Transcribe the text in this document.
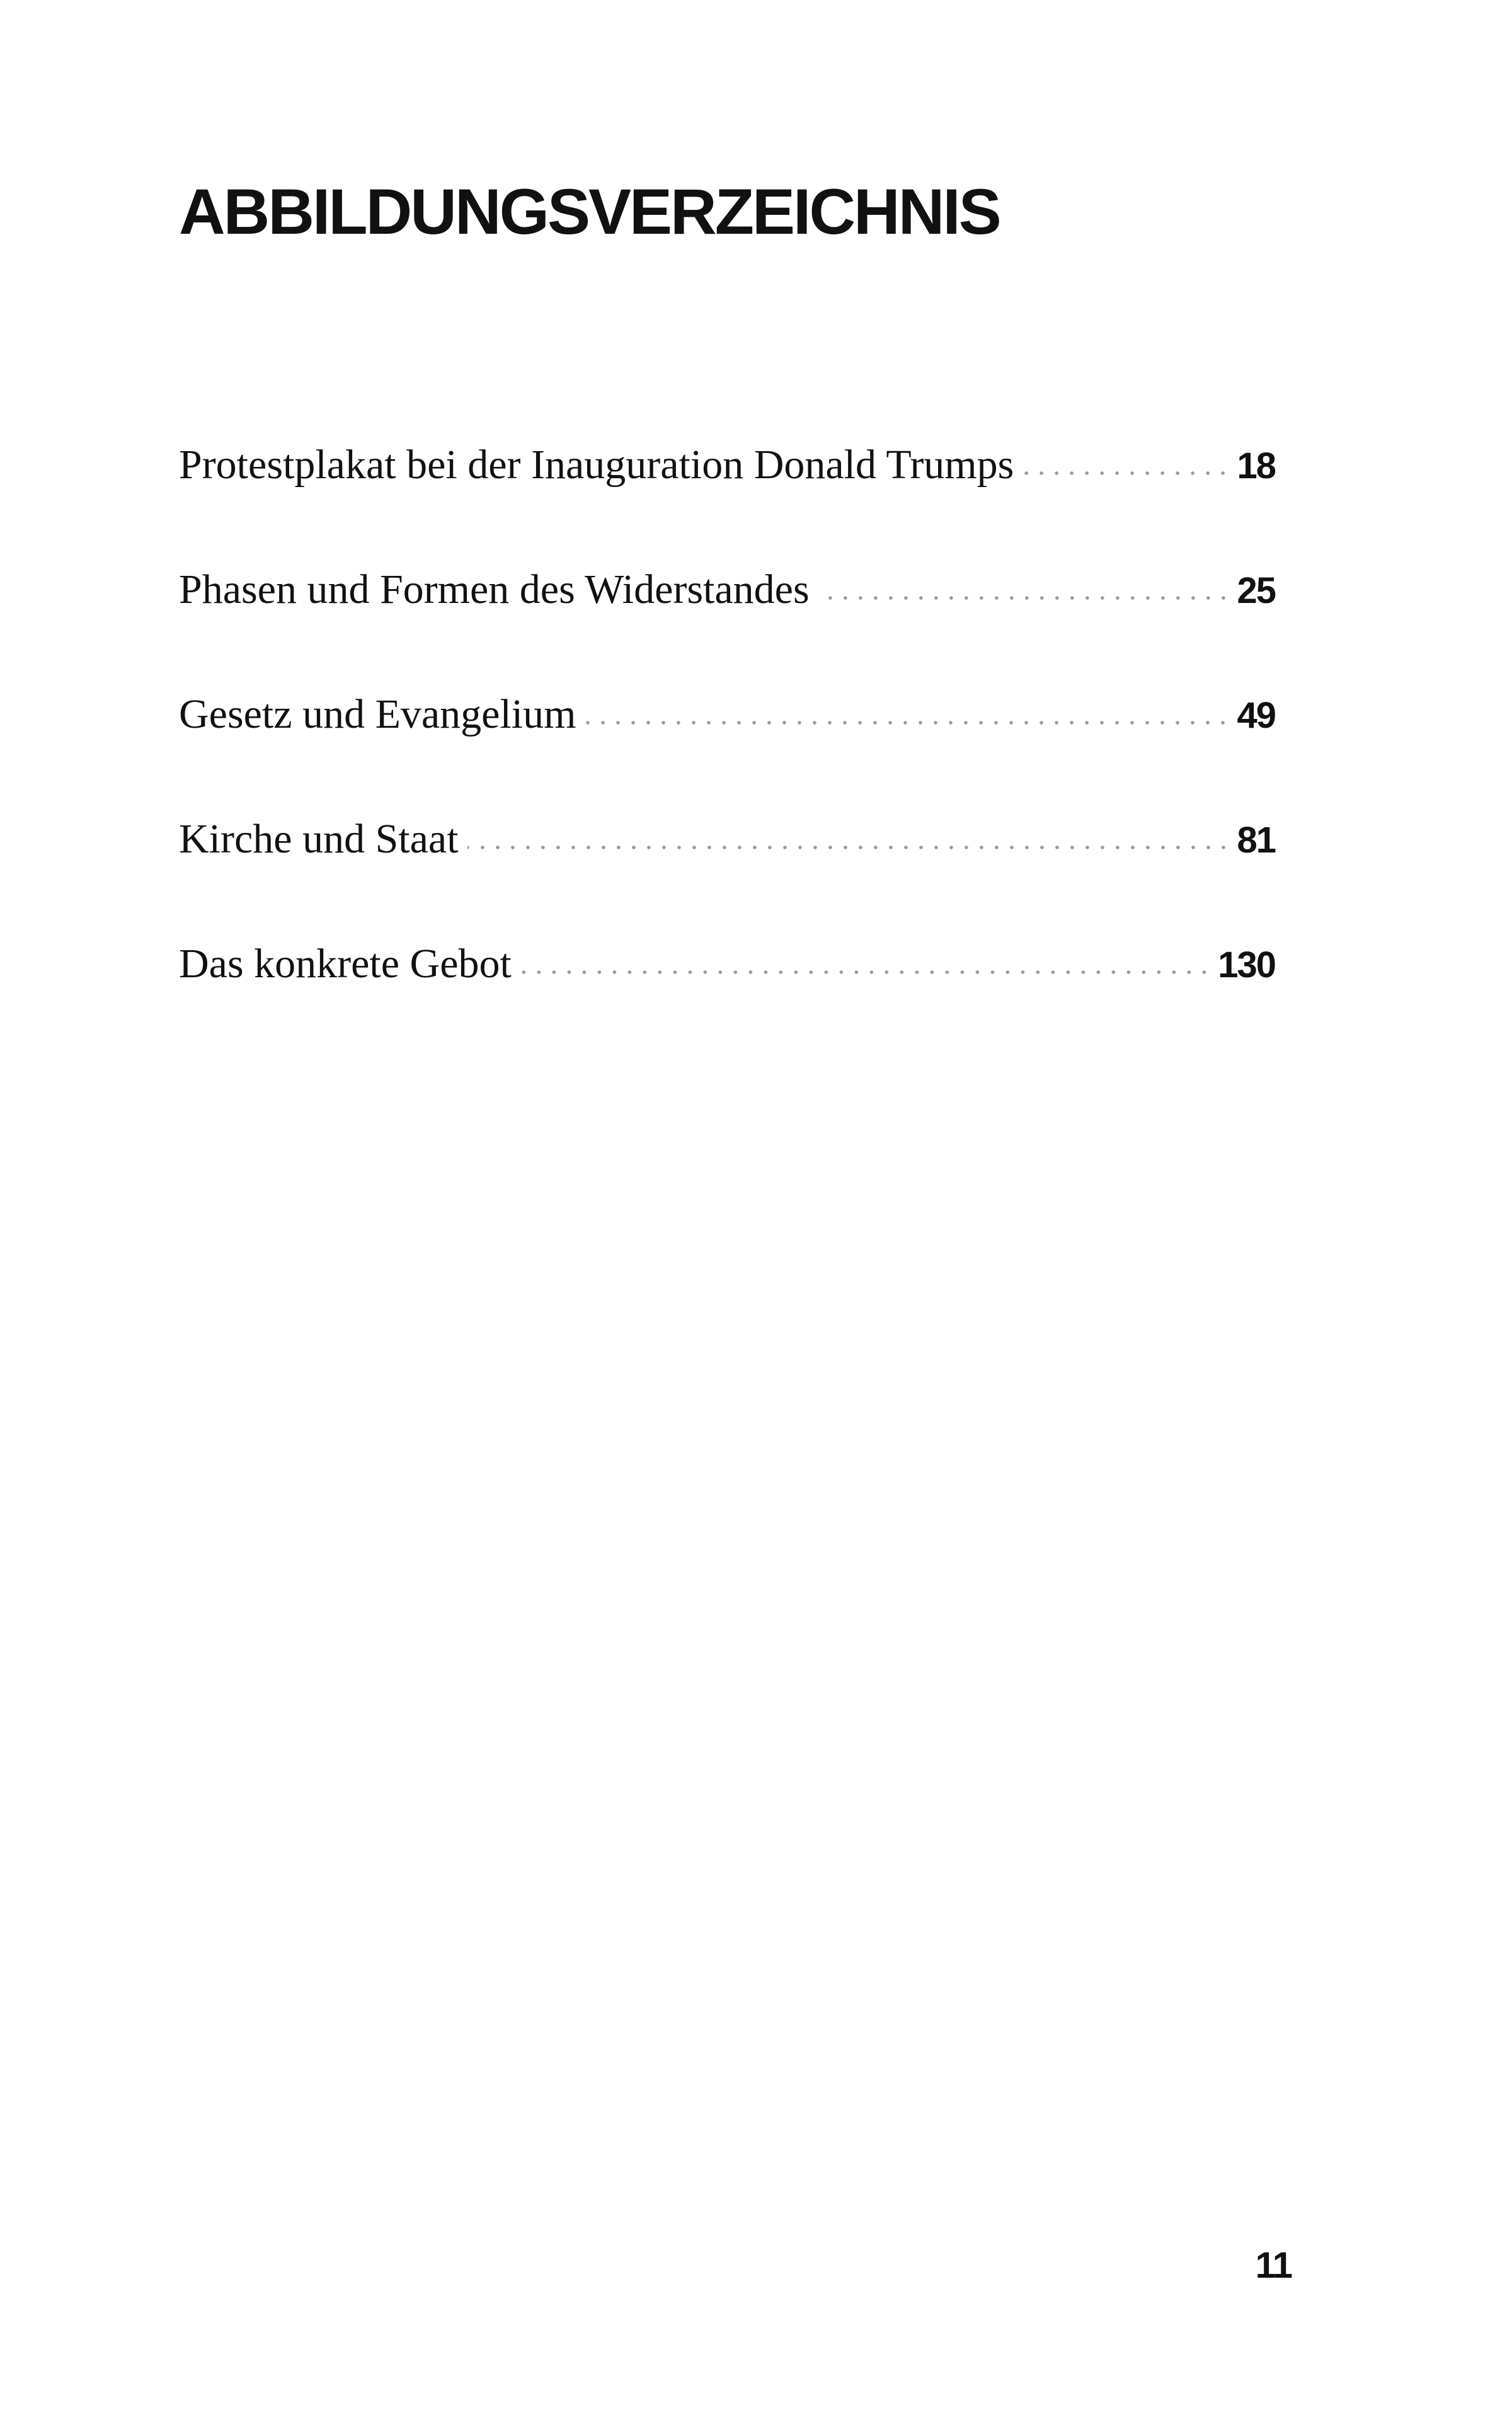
ABBILDUNGSVERZEICHNIS
Protestplakat bei der Inauguration Donald Trumps	18
Phasen und Formen des Widerstandes	25
Gesetz und Evangelium	49
Kirche und Staat	81
Das konkrete Gebot	130
11
